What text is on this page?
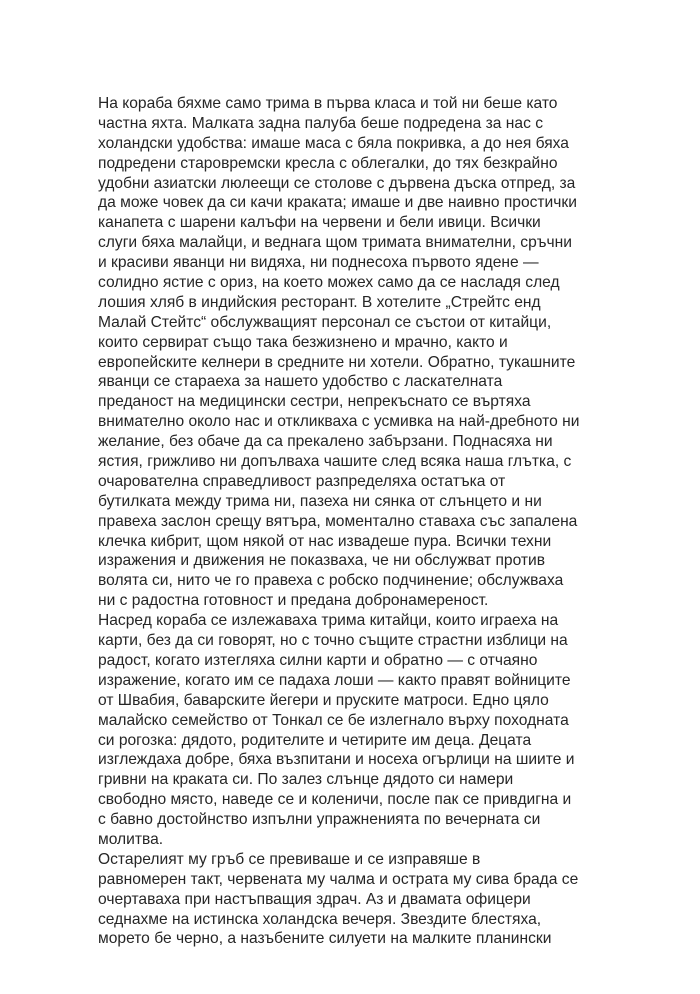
На кораба бяхме само трима в първа класа и той ни беше като
частна яхта. Малката задна палуба беше подредена за нас с
холандски удобства: имаше маса с бяла покривка, а до нея бяха
подредени старовремски кресла с облегалки, до тях безкрайно
удобни азиатски люлеещи се столове с дървена дъска отпред, за
да може човек да си качи краката; имаше и две наивно простички
канапета с шарени калъфи на червени и бели ивици. Всички
слуги бяха малайци, и веднага щом тримата внимателни, сръчни
и красиви яванци ни видяха, ни поднесоха първото ядене —
солидно ястие с ориз, на което можех само да се насладя след
лошия хляб в индийския ресторант. В хотелите „Стрейтс енд
Малай Стейтс“ обслужващият персонал се състои от китайци,
които сервират също така безжизнено и мрачно, както и
европейските келнери в средните ни хотели. Обратно, тукашните
яванци се стараеха за нашето удобство с ласкателната
преданост на медицински сестри, непрекъснато се въртяха
внимателно около нас и откликваха с усмивка на най-дребното ни
желание, без обаче да са прекалено забързани. Поднасяха ни
ястия, грижливо ни допълваха чашите след всяка наша глътка, с
очарователна справедливост разпределяха остатъка от
бутилката между трима ни, пазеха ни сянка от слънцето и ни
правеха заслон срещу вятъра, моментално ставаха със запалена
клечка кибрит, щом някой от нас извадеше пура. Всички техни
изражения и движения не показваха, че ни обслужват против
волята си, нито че го правеха с робско подчинение; обслужваха
ни с радостна готовност и предана добронамереност.
Насред кораба се излежаваха трима китайци, които играеха на
карти, без да си говорят, но с точно същите страстни изблици на
радост, когато изтегляха силни карти и обратно — с отчаяно
изражение, когато им се падаха лоши — както правят войниците
от Швабия, баварските йегери и пруските матроси. Едно цяло
малайско семейство от Тонкал се бе излегнало върху походната
си рогозка: дядото, родителите и четирите им деца. Децата
изглеждаха добре, бяха възпитани и носеха огърлици на шиите и
гривни на краката си. По залез слънце дядото си намери
свободно място, наведе се и коленичи, после пак се привдигна и
с бавно достойнство изпълни упражненията по вечерната си
молитва.
Остарелият му гръб се превиваше и се изправяше в
равномерен такт, червената му чалма и острата му сива брада се
очертаваха при настъпващия здрач. Аз и двамата офицери
седнахме на истинска холандска вечеря. Звездите блестяха,
морето бе черно, а назъбените силуети на малките планински
